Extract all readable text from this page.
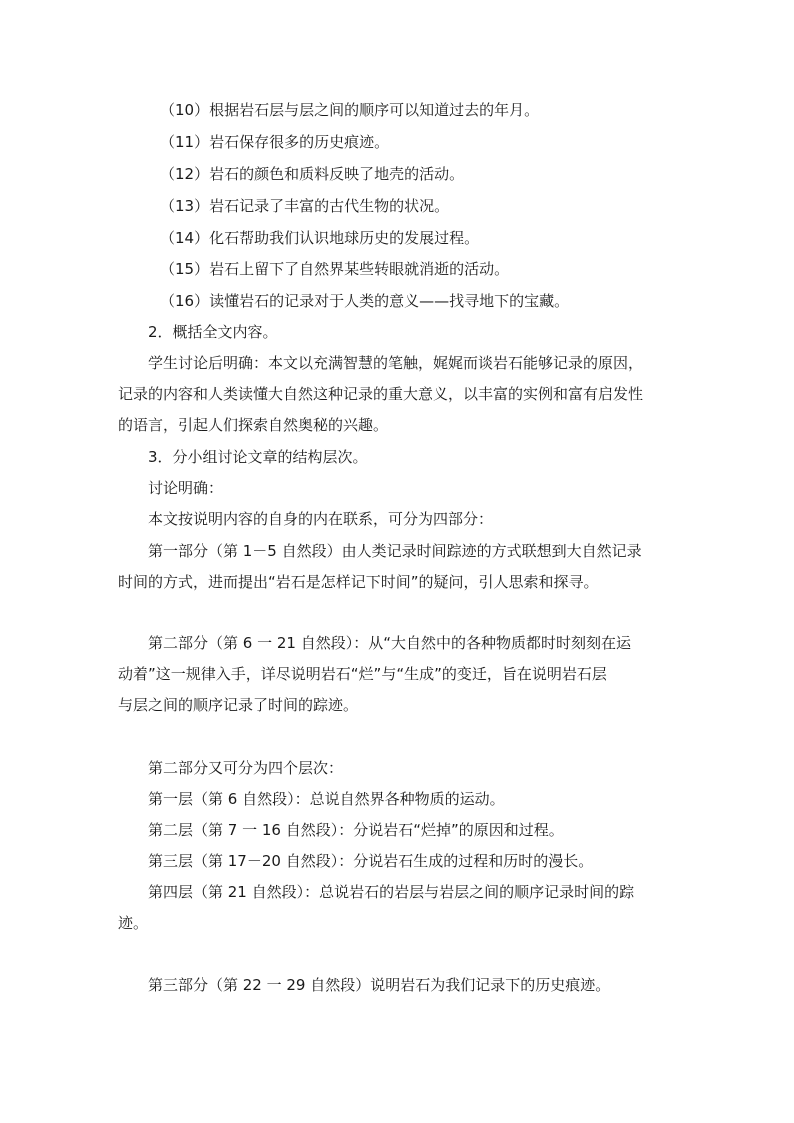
（10）根据岩石层与层之间的顺序可以知道过去的年月。
（11）岩石保存很多的历史痕迹。
（12）岩石的颜色和质料反映了地壳的活动。
（13）岩石记录了丰富的古代生物的状况。
（14）化石帮助我们认识地球历史的发展过程。
（15）岩石上留下了自然界某些转眼就消逝的活动。
（16）读懂岩石的记录对于人类的意义——找寻地下的宝藏。
2．概括全文内容。
学生讨论后明确：本文以充满智慧的笔触，娓娓而谈岩石能够记录的原因，
记录的内容和人类读懂大自然这种记录的重大意义，以丰富的实例和富有启发性
的语言，引起人们探索自然奥秘的兴趣。
3．分小组讨论文章的结构层次。
讨论明确：
本文按说明内容的自身的内在联系，可分为四部分：
第一部分（第 1－5 自然段）由人类记录时间踪迹的方式联想到大自然记录
时间的方式，进而提出“岩石是怎样记下时间”的疑问，引人思索和探寻。
第二部分（第 6 一 21 自然段）：从“大自然中的各种物质都时时刻刻在运
动着”这一规律入手，详尽说明岩石“烂”与“生成”的变迁，旨在说明岩石层
与层之间的顺序记录了时间的踪迹。
第二部分又可分为四个层次：
第一层（第 6 自然段）：总说自然界各种物质的运动。
第二层（第 7 一 16 自然段）：分说岩石“烂掉”的原因和过程。
第三层（第 17－20 自然段）：分说岩石生成的过程和历时的漫长。
第四层（第 21 自然段）：总说岩石的岩层与岩层之间的顺序记录时间的踪
迹。
第三部分（第 22 一 29 自然段）说明岩石为我们记录下的历史痕迹。
